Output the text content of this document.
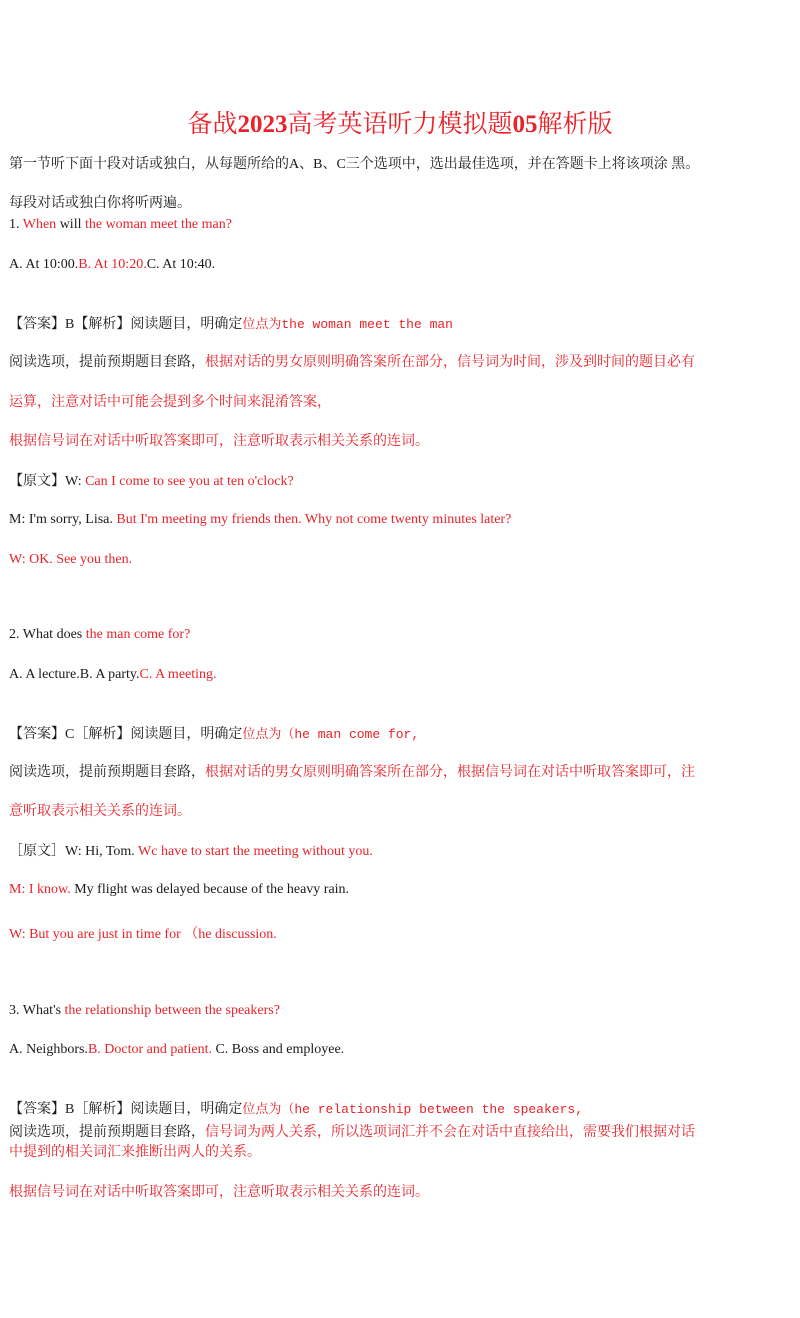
备战2023高考英语听力模拟题05解析版
第一节听下面十段对话或独白，从每题所给的A、B、C三个选项中，选出最佳选项，并在答题卡上将该项涂 黑。
每段对话或独白你将听两遍。
1. When will the woman meet the man?
A. At 10:00.B. At 10:20.C. At 10:40.
【答案】B【解析】阅读题目，明确定位点为the woman meet the man
阅读选项，提前预期题目套路，根据对话的男女原则明确答案所在部分，信号词为时间，涉及到时间的题目必有
运算，注意对话中可能会提到多个时间来混淆答案，
根据信号词在对话中听取答案即可，注意听取表示相关关系的连词。
【原文】W: Can I come to see you at ten o'clock?
M: I'm sorry, Lisa. But I'm meeting my friends then. Why not come twenty minutes later?
W: OK. See you then.
2. What does the man come for?
A. A lecture.B. A party.C. A meeting.
【答案】C［解析】阅读题目，明确定位点为（he man come for,
阅读选项，提前预期题目套路，根据对话的男女原则明确答案所在部分，根据信号词在对话中听取答案即可，注
意听取表示相关关系的连词。
［原文］W: Hi, Tom. Wc have to start the meeting without you.
M: I know. My flight was delayed because of the heavy rain.
W: But you are just in time for （he discussion.
3. What's the relationship between the speakers?
A. Neighbors.B. Doctor and patient. C. Boss and employee.
【答案】B［解析】阅读题目，明确定位点为（he relationship between the speakers,
阅读选项，提前预期题目套路，信号词为两人关系，所以选项词汇并不会在对话中直接给出，需要我们根据对话
中提到的相关词汇来推断出两人的关系。
根据信号词在对话中听取答案即可，注意听取表示相关关系的连词。
